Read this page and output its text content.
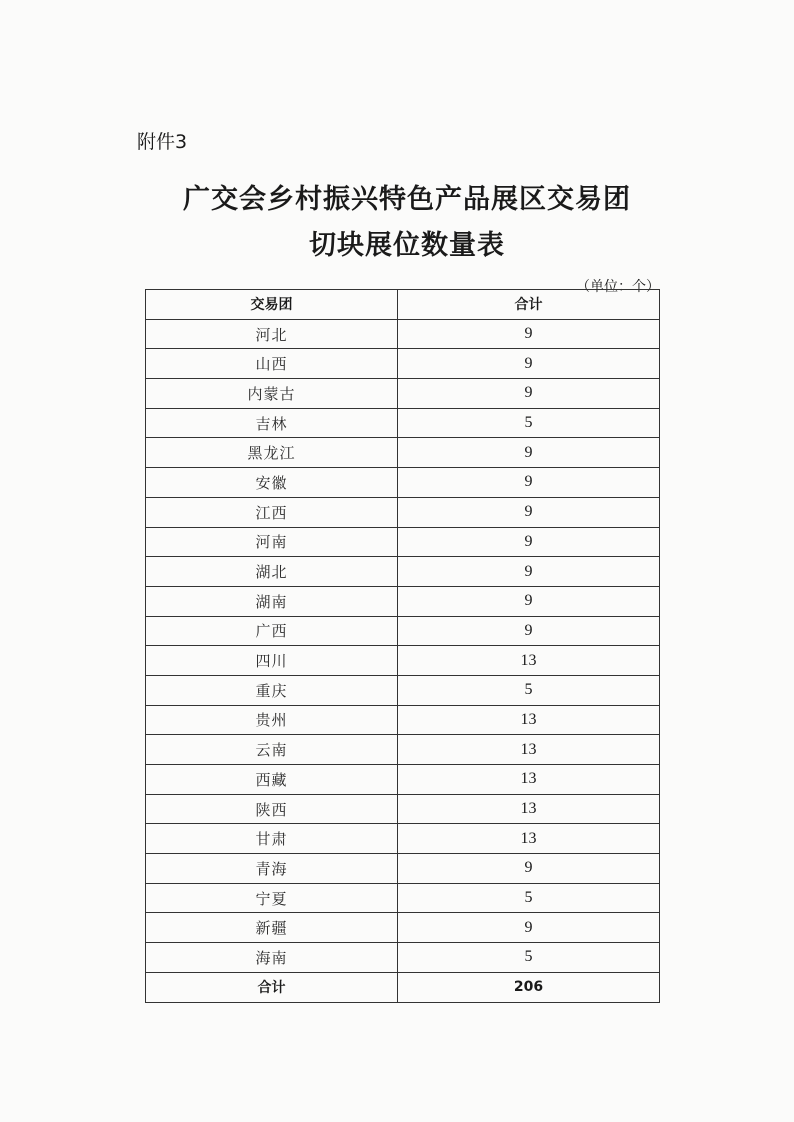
附件3
广交会乡村振兴特色产品展区交易团
切块展位数量表
（单位：个）
交易团	合计
河北	9
山西	9
内蒙古	9
吉林	5
黑龙江	9
安徽	9
江西	9
河南	9
湖北	9
湖南	9
广西	9
四川	13
重庆	5
贵州	13
云南	13
西藏	13
陕西	13
甘肃	13
青海	9
宁夏	5
新疆	9
海南	5
合计	206
